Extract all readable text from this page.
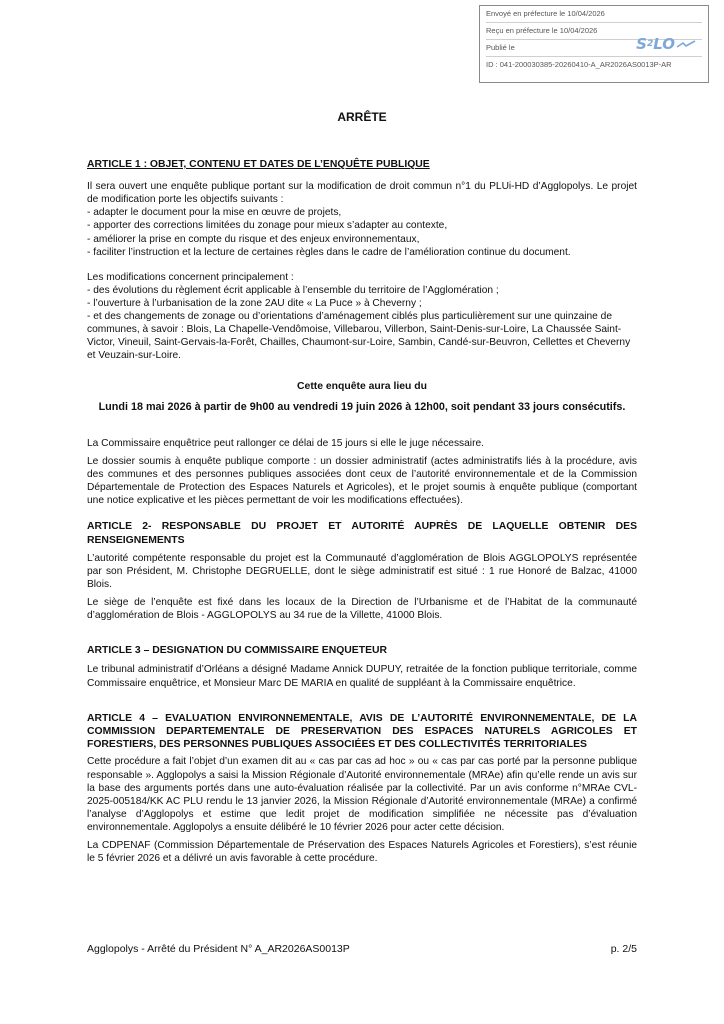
Envoyé en préfecture le 10/04/2026
Reçu en préfecture le 10/04/2026
Publié le
ID : 041-200030385-20260410-A_AR2026AS0013P-AR
S 2 LO
ARRÊTE
ARTICLE 1 : OBJET, CONTENU ET DATES DE L’ENQUÊTE PUBLIQUE

Il sera ouvert une enquête publique portant sur la modification de droit commun n°1 du PLUi-HD d’Agglopolys. Le projet de modification porte les objectifs suivants :

- adapter le document pour la mise en œuvre de projets,
- apporter des corrections limitées du zonage pour mieux s’adapter au contexte,
- améliorer la prise en compte du risque et des enjeux environnementaux,
- faciliter l’instruction et la lecture de certaines règles dans le cadre de l’amélioration continue du document.

Les modifications concernent principalement :

- des évolutions du règlement écrit applicable à l’ensemble du territoire de l’Agglomération ;
- l’ouverture à l’urbanisation de la zone 2AU dite « La Puce » à Cheverny ;
- et des changements de zonage ou d’orientations d’aménagement ciblés plus particulièrement sur une quinzaine de communes, à savoir : Blois, La Chapelle-Vendômoise, Villebarou, Villerbon, Saint-Denis-sur-Loire, La Chaussée Saint-Victor, Vineuil, Saint-Gervais-la-Forêt, Chailles, Chaumont-sur-Loire, Sambin, Candé-sur-Beuvron, Cellettes et Cheverny et Veuzain-sur-Loire.
Cette enquête aura lieu du
Lundi 18 mai 2026 à partir de 9h00 au vendredi 19 juin 2026 à 12h00, soit pendant 33 jours consécutifs.

La Commissaire enquêtrice peut rallonger ce délai de 15 jours si elle le juge nécessaire.

Le dossier soumis à enquête publique comporte : un dossier administratif (actes administratifs liés à la procédure, avis des communes et des personnes publiques associées dont ceux de l’autorité environnementale et de la Commission Départementale de Protection des Espaces Naturels et Agricoles), et le projet soumis à enquête publique (comportant une notice explicative et les pièces permettant de voir les modifications effectuées).

ARTICLE 2- RESPONSABLE DU PROJET ET AUTORITÉ AUPRÈS DE LAQUELLE OBTENIR DES RENSEIGNEMENTS

L’autorité compétente responsable du projet est la Communauté d’agglomération de Blois AGGLOPOLYS représentée par son Président, M. Christophe DEGRUELLE, dont le siège administratif est situé : 1 rue Honoré de Balzac, 41000 Blois.

Le siège de l’enquête est fixé dans les locaux de la Direction de l’Urbanisme et de l’Habitat de la communauté d’agglomération de Blois - AGGLOPOLYS au 34 rue de la Villette, 41000 Blois.

ARTICLE 3 – DESIGNATION DU COMMISSAIRE ENQUETEUR

Le tribunal administratif d’Orléans a désigné Madame Annick DUPUY, retraitée de la fonction publique territoriale, comme Commissaire enquêtrice, et Monsieur Marc DE MARIA en qualité de suppléant à la Commissaire enquêtrice.

ARTICLE 4 – EVALUATION ENVIRONNEMENTALE, AVIS DE L’AUTORITÉ ENVIRONNEMENTALE, DE LA COMMISSION DEPARTEMENTALE DE PRESERVATION DES ESPACES NATURELS AGRICOLES ET FORESTIERS, DES PERSONNES PUBLIQUES ASSOCIÉES ET DES COLLECTIVITÉS TERRITORIALES

Cette procédure a fait l’objet d’un examen dit au « cas par cas ad hoc » ou « cas par cas porté par la personne publique responsable ». Agglopolys a saisi la Mission Régionale d’Autorité environnementale (MRAe) afin qu’elle rende un avis sur la base des arguments portés dans une auto-évaluation réalisée par la collectivité. Par un avis conforme n°MRAe CVL-2025-005184/KK AC PLU rendu le 13 janvier 2026, la Mission Régionale d’Autorité environnementale (MRAe) a confirmé l’analyse d’Agglopolys et estime que ledit projet de modification simplifiée ne nécessite pas d’évaluation environnementale. Agglopolys a ensuite délibéré le 10 février 2026 pour acter cette décision.

La CDPENAF (Commission Départementale de Préservation des Espaces Naturels Agricoles et Forestiers), s’est réunie le 5 février 2026 et a délivré un avis favorable à cette procédure.

Agglopolys - Arrêté du Président N° A_AR2026AS0013P	p. 2/5
